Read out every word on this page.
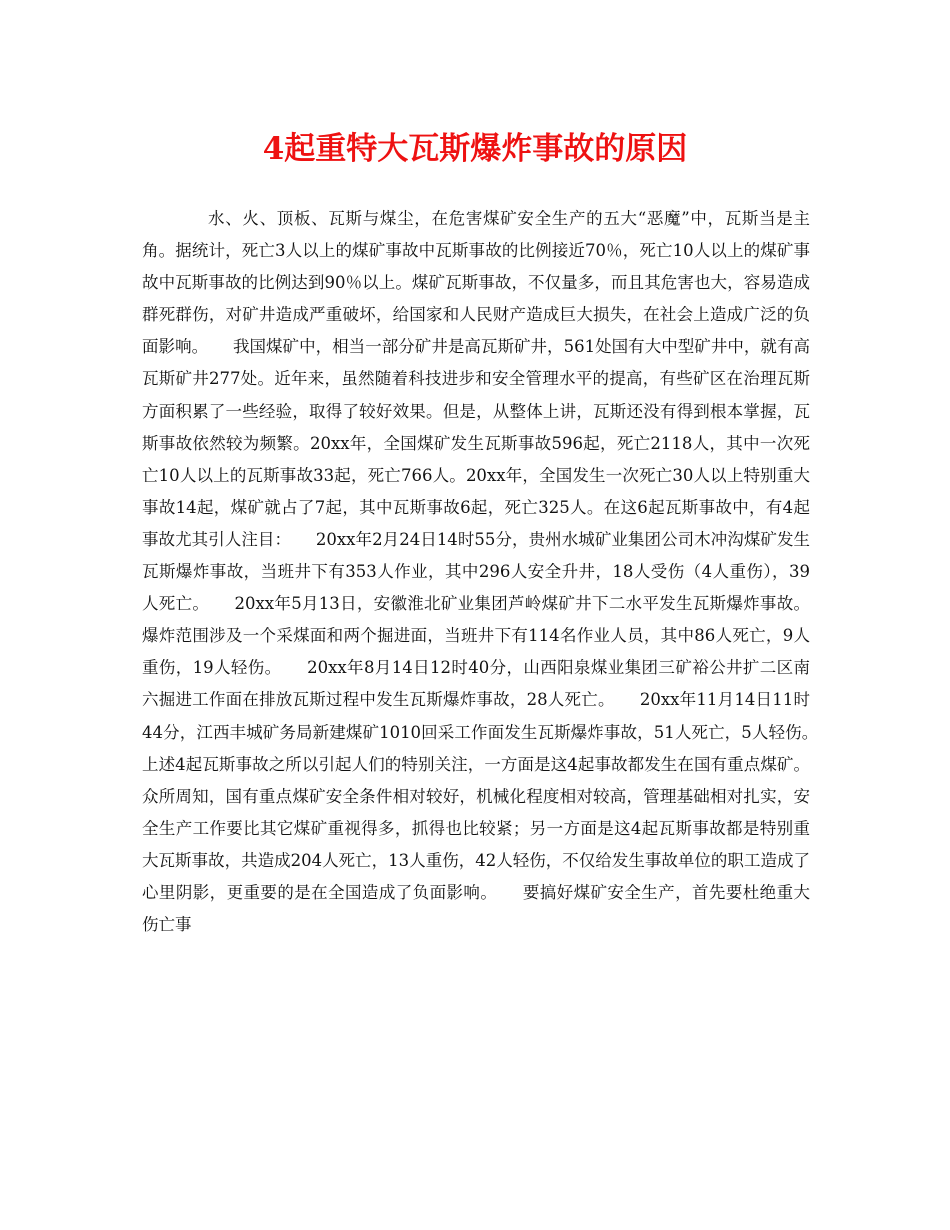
4起重特大瓦斯爆炸事故的原因

水、火、顶板、瓦斯与煤尘，在危害煤矿安全生产的五大“恶魔”中，瓦斯当是主角。据统计，死亡3人以上的煤矿事故中瓦斯事故的比例接近70％，死亡10人以上的煤矿事故中瓦斯事故的比例达到90％以上。煤矿瓦斯事故，不仅量多，而且其危害也大，容易造成群死群伤，对矿井造成严重破坏，给国家和人民财产造成巨大损失，在社会上造成广泛的负面影响。　　我国煤矿中，相当一部分矿井是高瓦斯矿井，561处国有大中型矿井中，就有高瓦斯矿井277处。近年来，虽然随着科技进步和安全管理水平的提高，有些矿区在治理瓦斯方面积累了一些经验，取得了较好效果。但是，从整体上讲，瓦斯还没有得到根本掌握，瓦斯事故依然较为频繁。20xx年，全国煤矿发生瓦斯事故596起，死亡2118人，其中一次死亡10人以上的瓦斯事故33起，死亡766人。20xx年，全国发生一次死亡30人以上特别重大事故14起，煤矿就占了7起，其中瓦斯事故6起，死亡325人。在这6起瓦斯事故中，有4起事故尤其引人注目：　　20xx年2月24日14时55分，贵州水城矿业集团公司木冲沟煤矿发生瓦斯爆炸事故，当班井下有353人作业，其中296人安全升井，18人受伤（4人重伤），39人死亡。　　20xx年5月13日，安徽淮北矿业集团芦岭煤矿井下二水平发生瓦斯爆炸事故。爆炸范围涉及一个采煤面和两个掘进面，当班井下有114名作业人员，其中86人死亡，9人重伤，19人轻伤。　　20xx年8月14日12时40分，山西阳泉煤业集团三矿裕公井扩二区南六掘进工作面在排放瓦斯过程中发生瓦斯爆炸事故，28人死亡。　　20xx年11月14日11时44分，江西丰城矿务局新建煤矿1010回采工作面发生瓦斯爆炸事故，51人死亡，5人轻伤。　　上述4起瓦斯事故之所以引起人们的特别关注，一方面是这4起事故都发生在国有重点煤矿。众所周知，国有重点煤矿安全条件相对较好，机械化程度相对较高，管理基础相对扎实，安全生产工作要比其它煤矿重视得多，抓得也比较紧；另一方面是这4起瓦斯事故都是特别重大瓦斯事故，共造成204人死亡，13人重伤，42人轻伤，不仅给发生事故单位的职工造成了心里阴影，更重要的是在全国造成了负面影响。　　要搞好煤矿安全生产，首先要杜绝重大伤亡事
